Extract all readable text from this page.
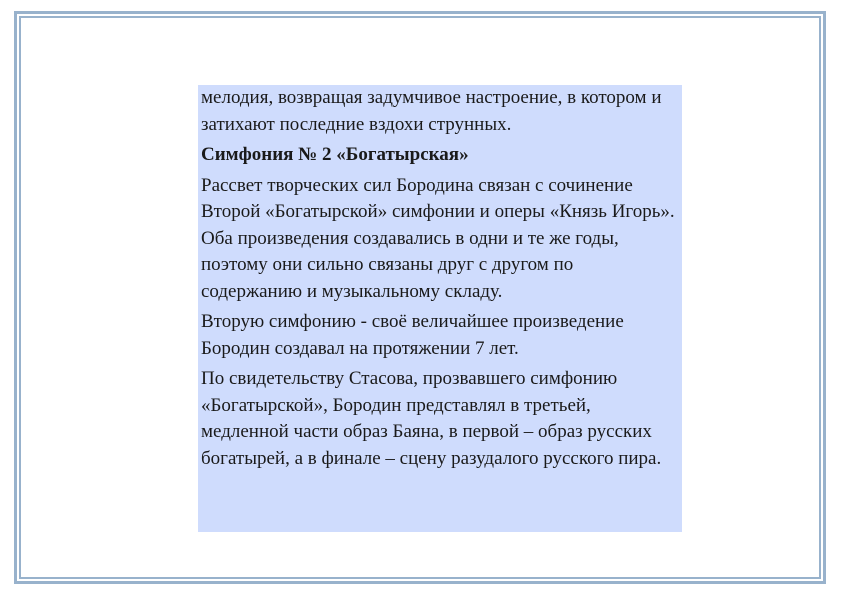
мелодия, возвращая задумчивое настроение, в котором и затихают последние вздохи струнных.

Симфония № 2 «Богатырская»

Рассвет творческих сил Бородина связан с сочинение Второй «Богатырской» симфонии и оперы «Князь Игорь». Оба произведения создавались в одни и те же годы, поэтому они сильно связаны друг с другом по содержанию и музыкальному складу.

Вторую симфонию - своё величайшее произведение Бородин создавал на протяжении 7 лет.

По свидетельству Стасова, прозвавшего симфонию «Богатырской», Бородин представлял в третьей, медленной части образ Баяна, в первой – образ русских богатырей, а в финале – сцену разудалого русского пира.
